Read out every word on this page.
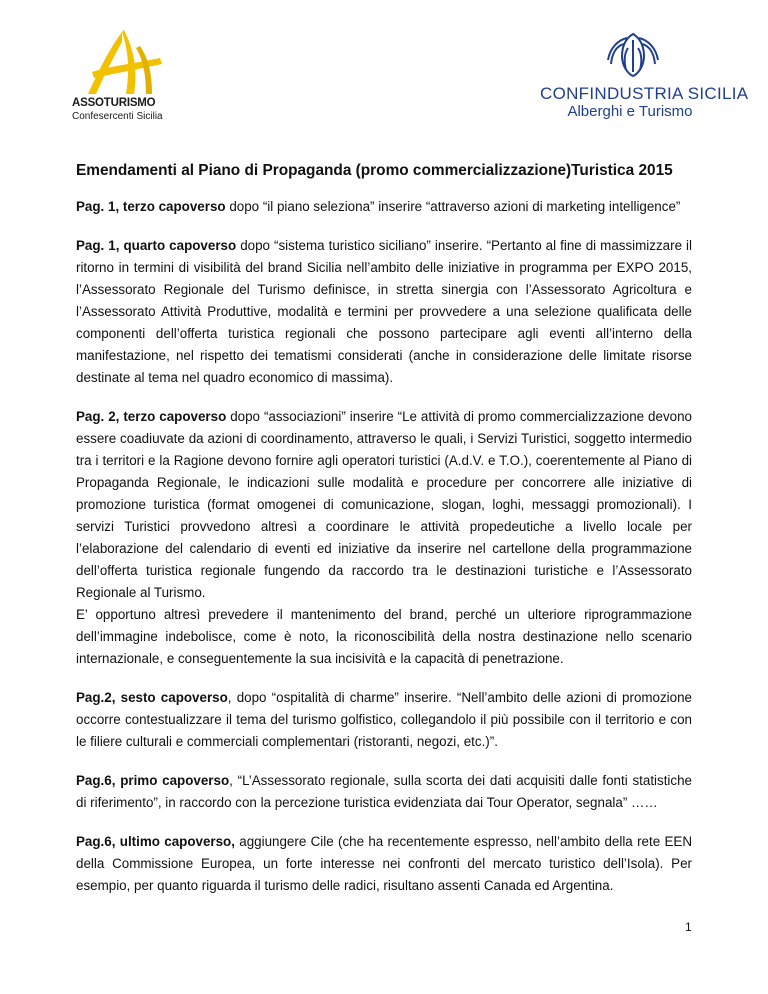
ASSOTURISMO
Confesercenti Sicilia
CONFINDUSTRIA SICILIA
Alberghi e Turismo
Emendamenti al Piano di Propaganda (promo commercializzazione)Turistica 2015

Pag. 1, terzo capoverso dopo “il piano seleziona” inserire “attraverso azioni di marketing intelligence”

Pag. 1, quarto capoverso dopo “sistema turistico siciliano” inserire. “Pertanto al fine di massimizzare il ritorno in termini di visibilità del brand Sicilia nell’ambito delle iniziative in programma per EXPO 2015, l’Assessorato Regionale del Turismo definisce, in stretta sinergia con l’Assessorato Agricoltura e l’Assessorato Attività Produttive, modalità e termini per provvedere a una selezione qualificata delle componenti dell’offerta turistica regionali che possono partecipare agli eventi all’interno della manifestazione, nel rispetto dei tematismi considerati (anche in considerazione delle limitate risorse destinate al tema nel quadro economico di massima).

Pag. 2, terzo capoverso dopo “associazioni” inserire “Le attività di promo commercializzazione devono essere coadiuvate da azioni di coordinamento, attraverso le quali, i Servizi Turistici, soggetto intermedio tra i territori e la Ragione devono fornire agli operatori turistici (A.d.V. e T.O.), coerentemente al Piano di Propaganda Regionale, le indicazioni sulle modalità e procedure per concorrere alle iniziative di promozione turistica (format omogenei di comunicazione, slogan, loghi, messaggi promozionali). I servizi Turistici provvedono altresì a coordinare le attività propedeutiche a livello locale per l’elaborazione del calendario di eventi ed iniziative da inserire nel cartellone della programmazione dell’offerta turistica regionale fungendo da raccordo tra le destinazioni turistiche e l’Assessorato Regionale al Turismo.

E’ opportuno altresì prevedere il mantenimento del brand, perché un ulteriore riprogrammazione dell’immagine indebolisce, come è noto, la riconoscibilità della nostra destinazione nello scenario internazionale, e conseguentemente la sua incisività e la capacità di penetrazione.

Pag.2, sesto capoverso, dopo “ospitalità di charme” inserire. “Nell’ambito delle azioni di promozione occorre contestualizzare il tema del turismo golfistico, collegandolo il più possibile con il territorio e con le filiere culturali e commerciali complementari (ristoranti, negozi, etc.)”.

Pag.6, primo capoverso, “L’Assessorato regionale, sulla scorta dei dati acquisiti dalle fonti statistiche di riferimento”, in raccordo con la percezione turistica evidenziata dai Tour Operator, segnala” ……

Pag.6, ultimo capoverso, aggiungere Cile (che ha recentemente espresso, nell’ambito della rete EEN della Commissione Europea, un forte interesse nei confronti del mercato turistico dell’Isola). Per esempio, per quanto riguarda il turismo delle radici, risultano assenti Canada ed Argentina.

1
